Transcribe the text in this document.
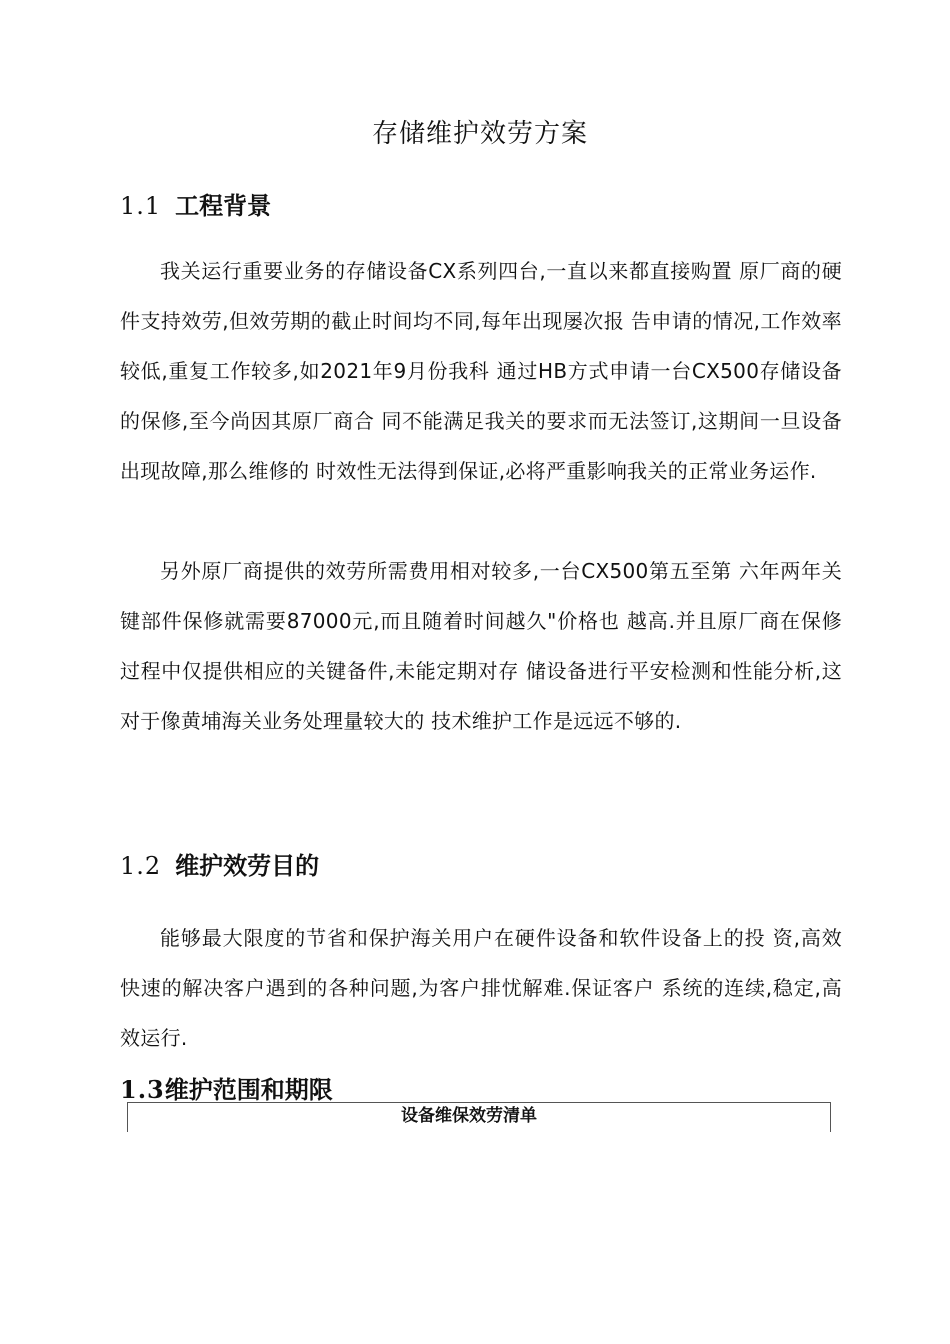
存储维护效劳方案
1.1 工程背景

我关运行重要业务的存储设备CX系列四台,一直以来都直接购置 原厂商的硬件支持效劳,但效劳期的截止时间均不同,每年出现屡次报 告申请的情况,工作效率较低,重复工作较多,如2021年9月份我科 通过HB方式申请一台CX500存储设备的保修,至今尚因其原厂商合 同不能满足我关的要求而无法签订,这期间一旦设备出现故障,那么维修的 时效性无法得到保证,必将严重影响我关的正常业务运作.

另外原厂商提供的效劳所需费用相对较多,一台CX500第五至第 六年两年关键部件保修就需要87000元,而且随着时间越久"价格也 越高.并且原厂商在保修过程中仅提供相应的关键备件,未能定期对存 储设备进行平安检测和性能分析,这对于像黄埔海关业务处理量较大的 技术维护工作是远远不够的.

1.2 维护效劳目的

能够最大限度的节省和保护海关用户在硬件设备和软件设备上的投 资,高效快速的解决客户遇到的各种问题,为客户排忧解难.保证客户 系统的连续,稳定,高效运行.

1.3维护范围和期限
设备维保效劳清单
